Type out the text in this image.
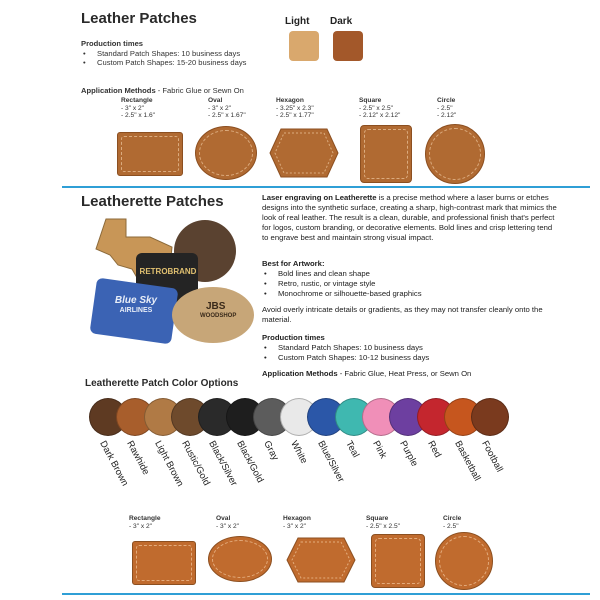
Leather Patches
Production times
• Standard Patch Shapes: 10 business days
• Custom Patch Shapes: 15-20 business days
Application Methods - Fabric Glue or Sewn On
Light Dark
Rectangle
- 3" x 2"
- 2.5" x 1.6"
Oval
- 3" x 2"
- 2.5" x 1.67"
Hexagon
- 3.25" x 2.3"
- 2.5" x 1.77"
Square
- 2.5" x 2.5"
- 2.12" x 2.12"
Circle
- 2.5"
- 2.12"
Leatherette Patches
RETROBRAND
Blue Sky
AIRLINES	JBS
WOODSHOP
Laser engraving on Leatherette is a precise method where a laser burns or etches designs into the synthetic surface, creating a sharp, high-contrast mark that mimics the look of real leather. The result is a clean, durable, and professional finish that's perfect for logos, custom branding, or decorative elements. Bold lines and crisp lettering tend to engrave best and maintain strong visual impact.
Best for Artwork:
• Bold lines and clean shape
• Retro, rustic, or vintage style
• Monochrome or silhouette-based graphics
Avoid overly intricate details or gradients, as they may not transfer cleanly onto the material.
Production times
• Standard Patch Shapes: 10 business days
• Custom Patch Shapes: 10-12 business days
Application Methods - Fabric Glue, Heat Press, or Sewn On
Leatherette Patch Color Options
Dark Brown
Rawhide Light Brown
Rustic/Gold
Black/Silver
Black/Gold
Gray White Blue/Silver
Teal Pink Purple Red Basketball
Football
Rectangle
- 3" x 2"
Oval
- 3" x 2"
Hexagon
- 3" x 2"
Square
- 2.5" x 2.5"
Circle
- 2.5"
